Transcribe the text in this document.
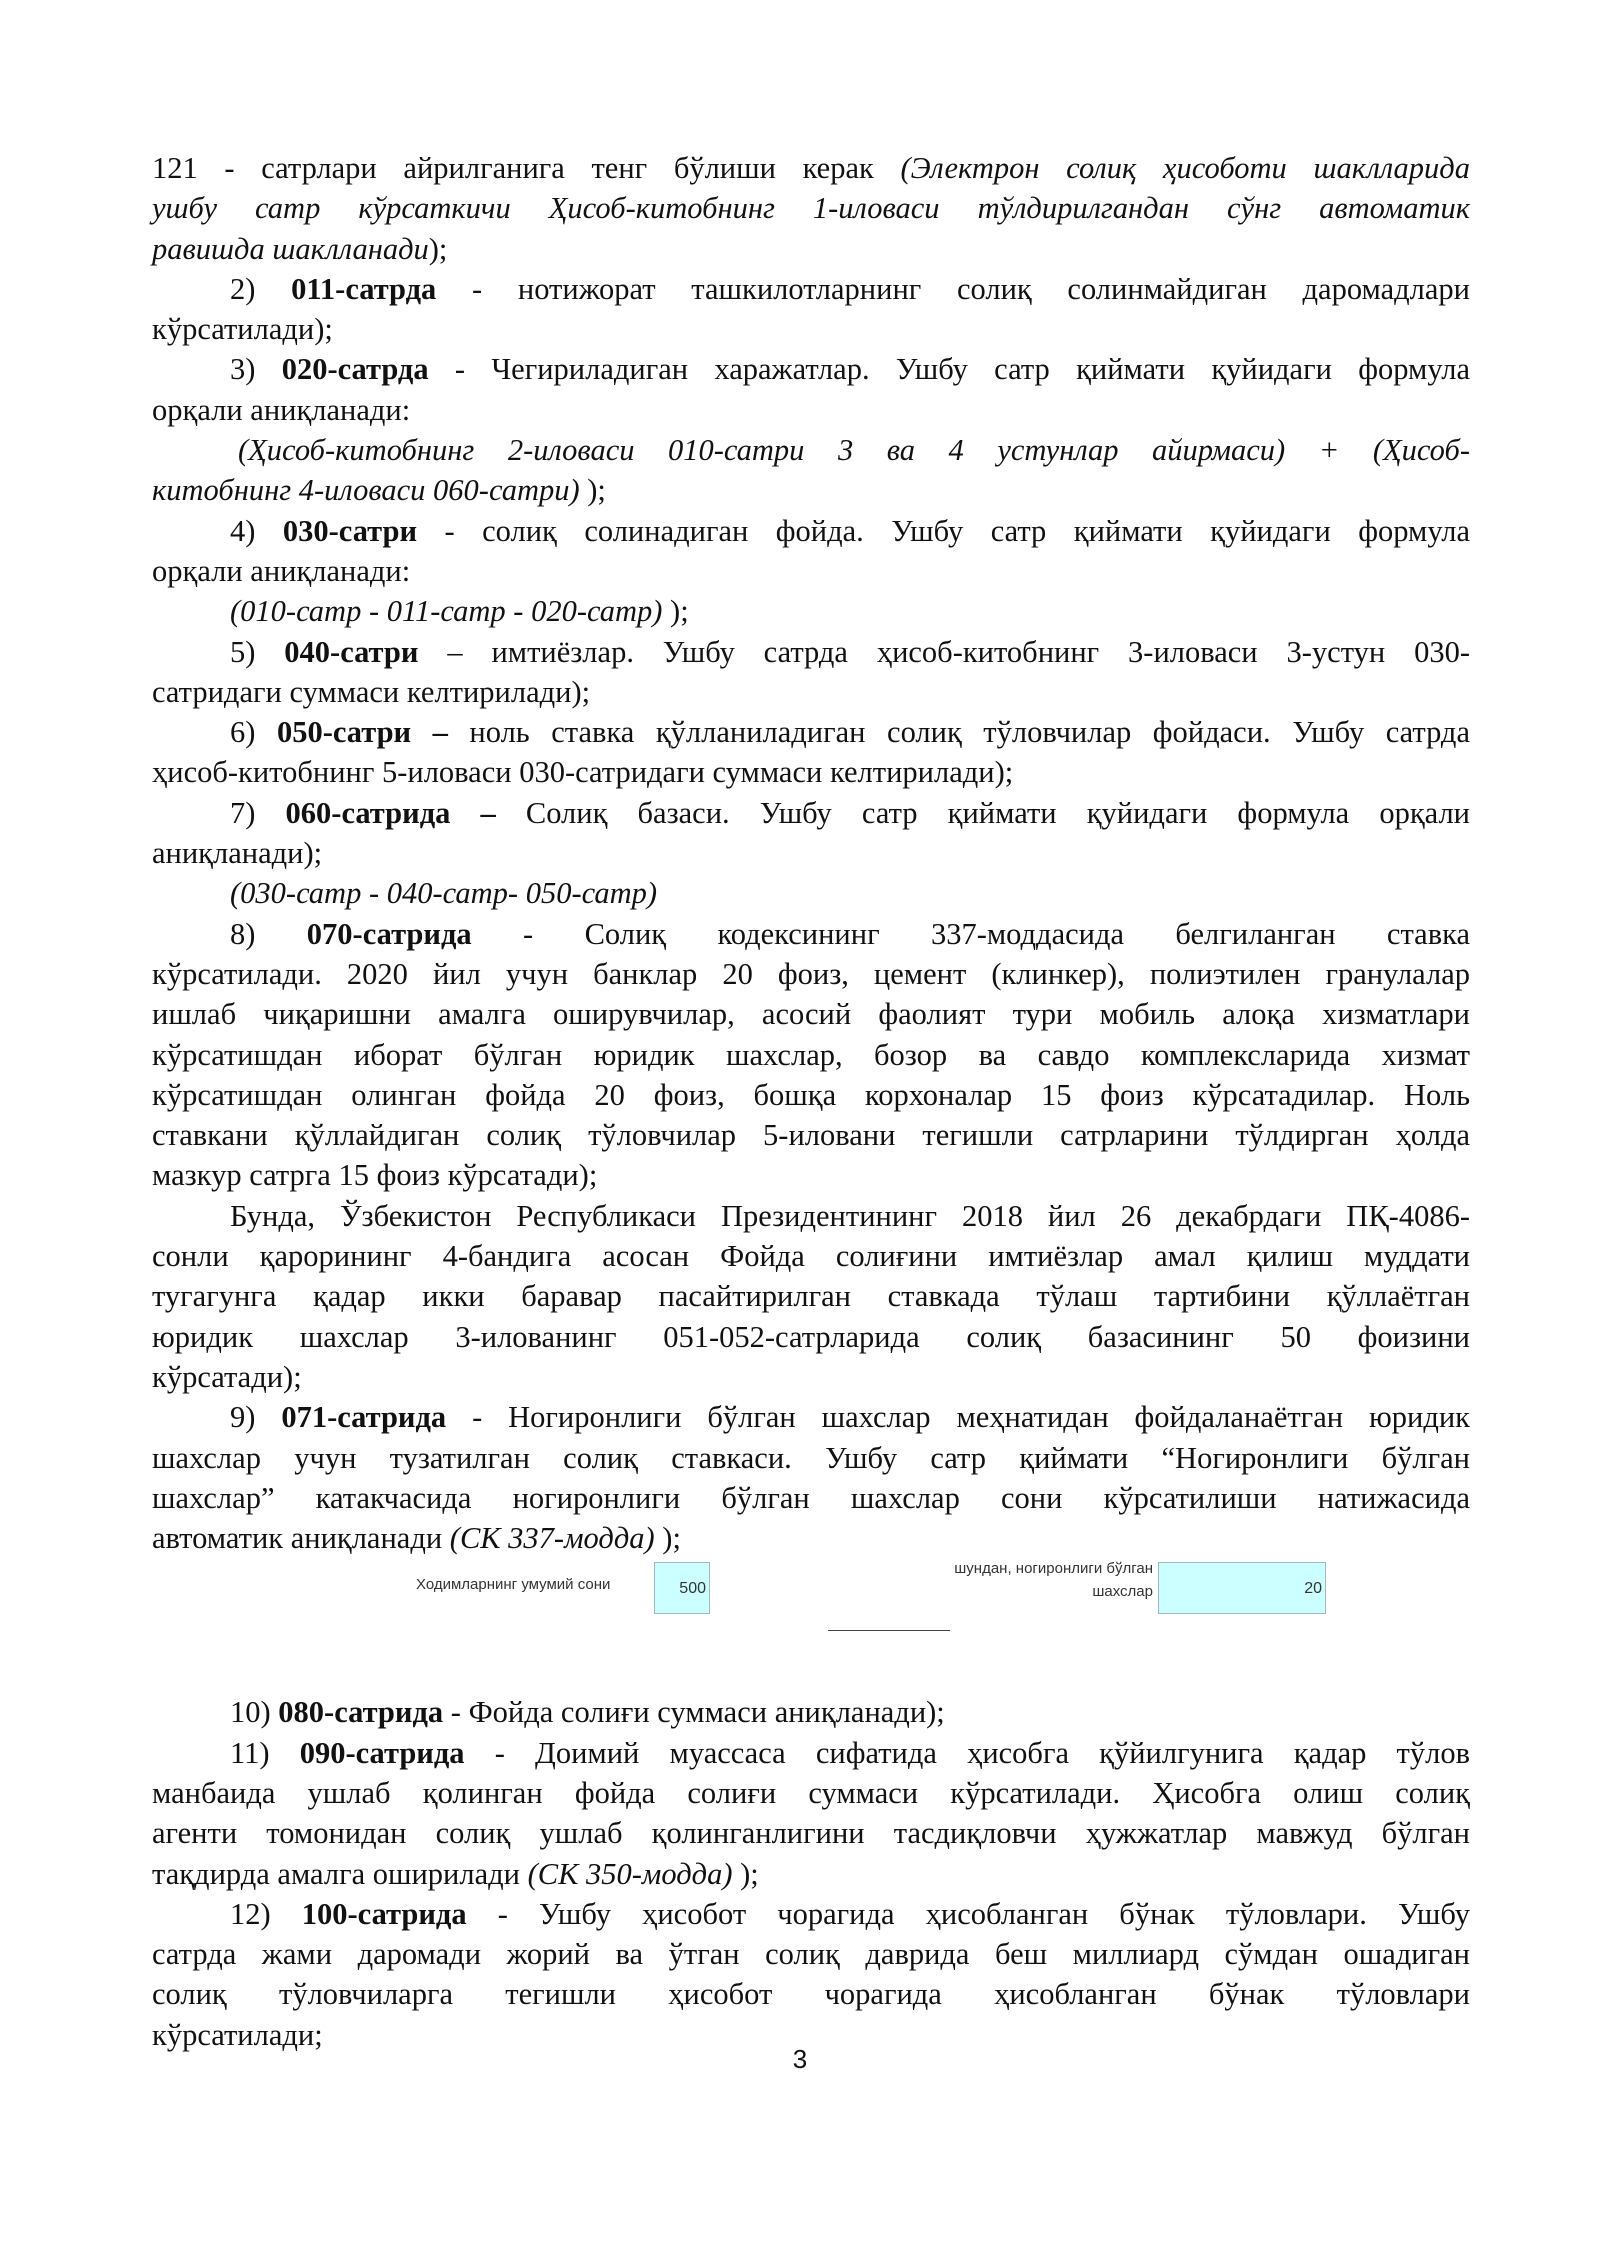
121 - сатрлари айрилганига тенг бўлиши керак (Электрон солиқ ҳисоботи шаклларида
ушбу сатр кўрсаткичи Ҳисоб-китобнинг 1-иловаси тўлдирилгандан сўнг автоматик
равишда шаклланади);
2) 011-сатрда - нотижорат ташкилотларнинг солиқ солинмайдиган даромадлари
кўрсатилади);
3) 020-сатрда - Чегириладиган харажатлар. Ушбу сатр қиймати қуйидаги формула
орқали аниқланади:
(Ҳисоб-китобнинг 2-иловаси 010-сатри 3 ва 4 устунлар айирмаси) + (Ҳисоб-
китобнинг 4-иловаси 060-сатри) );
4) 030-сатри - солиқ солинадиган фойда. Ушбу сатр қиймати қуйидаги формула
орқали аниқланади:
(010-сатр - 011-сатр - 020-сатр) );
5) 040-сатри – имтиёзлар. Ушбу сатрда ҳисоб-китобнинг 3-иловаси 3-устун 030-
сатридаги суммаси келтирилади);
6) 050-сатри – ноль ставка қўлланиладиган солиқ тўловчилар фойдаси. Ушбу сатрда
ҳисоб-китобнинг 5-иловаси 030-сатридаги суммаси келтирилади);
7) 060-сатрида – Солиқ базаси. Ушбу сатр қиймати қуйидаги формула орқали
аниқланади);
(030-сатр - 040-сатр- 050-сатр)
8) 070-сатрида - Солиқ кодексининг 337-моддасида белгиланган ставка
кўрсатилади. 2020 йил учун банклар 20 фоиз, цемент (клинкер), полиэтилен гранулалар
ишлаб чиқаришни амалга оширувчилар, асосий фаолият тури мобиль алоқа хизматлари
кўрсатишдан иборат бўлган юридик шахслар, бозор ва савдо комплексларида хизмат
кўрсатишдан олинган фойда 20 фоиз, бошқа корхоналар 15 фоиз кўрсатадилар. Ноль
ставкани қўллайдиган солиқ тўловчилар 5-иловани тегишли сатрларини тўлдирган ҳолда
мазкур сатрга 15 фоиз кўрсатади);
Бунда, Ўзбекистон Республикаси Президентининг 2018 йил 26 декабрдаги ПҚ-4086-
сонли қарорининг 4-бандига асосан Фойда солиғини имтиёзлар амал қилиш муддати
тугагунга қадар икки баравар пасайтирилган ставкада тўлаш тартибини қўллаётган
юридик шахслар 3-илованинг 051-052-сатрларида солиқ базасининг 50 фоизини
кўрсатади);
9) 071-сатрида - Ногиронлиги бўлган шахслар меҳнатидан фойдаланаётган юридик
шахслар учун тузатилган солиқ ставкаси. Ушбу сатр қиймати “Ногиронлиги бўлган
шахслар” катакчасида ногиронлиги бўлган шахслар сони кўрсатилиши натижасида
автоматик аниқланади (СК 337-модда) );
Ходимларнинг умумий сони	500
шундан, ногиронлиги бўлган
шахслар	20
10) 080-сатрида - Фойда солиғи суммаси аниқланади);
11) 090-сатрида - Доимий муассаса сифатида ҳисобга қўйилгунига қадар тўлов
манбаида ушлаб қолинган фойда солиғи суммаси кўрсатилади. Ҳисобга олиш солиқ
агенти томонидан солиқ ушлаб қолинганлигини тасдиқловчи ҳужжатлар мавжуд бўлган
тақдирда амалга оширилади (СК 350-модда) );
12) 100-сатрида - Ушбу ҳисобот чорагида ҳисобланган бўнак тўловлари. Ушбу
сатрда жами даромади жорий ва ўтган солиқ даврида беш миллиард сўмдан ошадиган
солиқ тўловчиларга тегишли ҳисобот чорагида ҳисобланган бўнак тўловлари
кўрсатилади;
3
